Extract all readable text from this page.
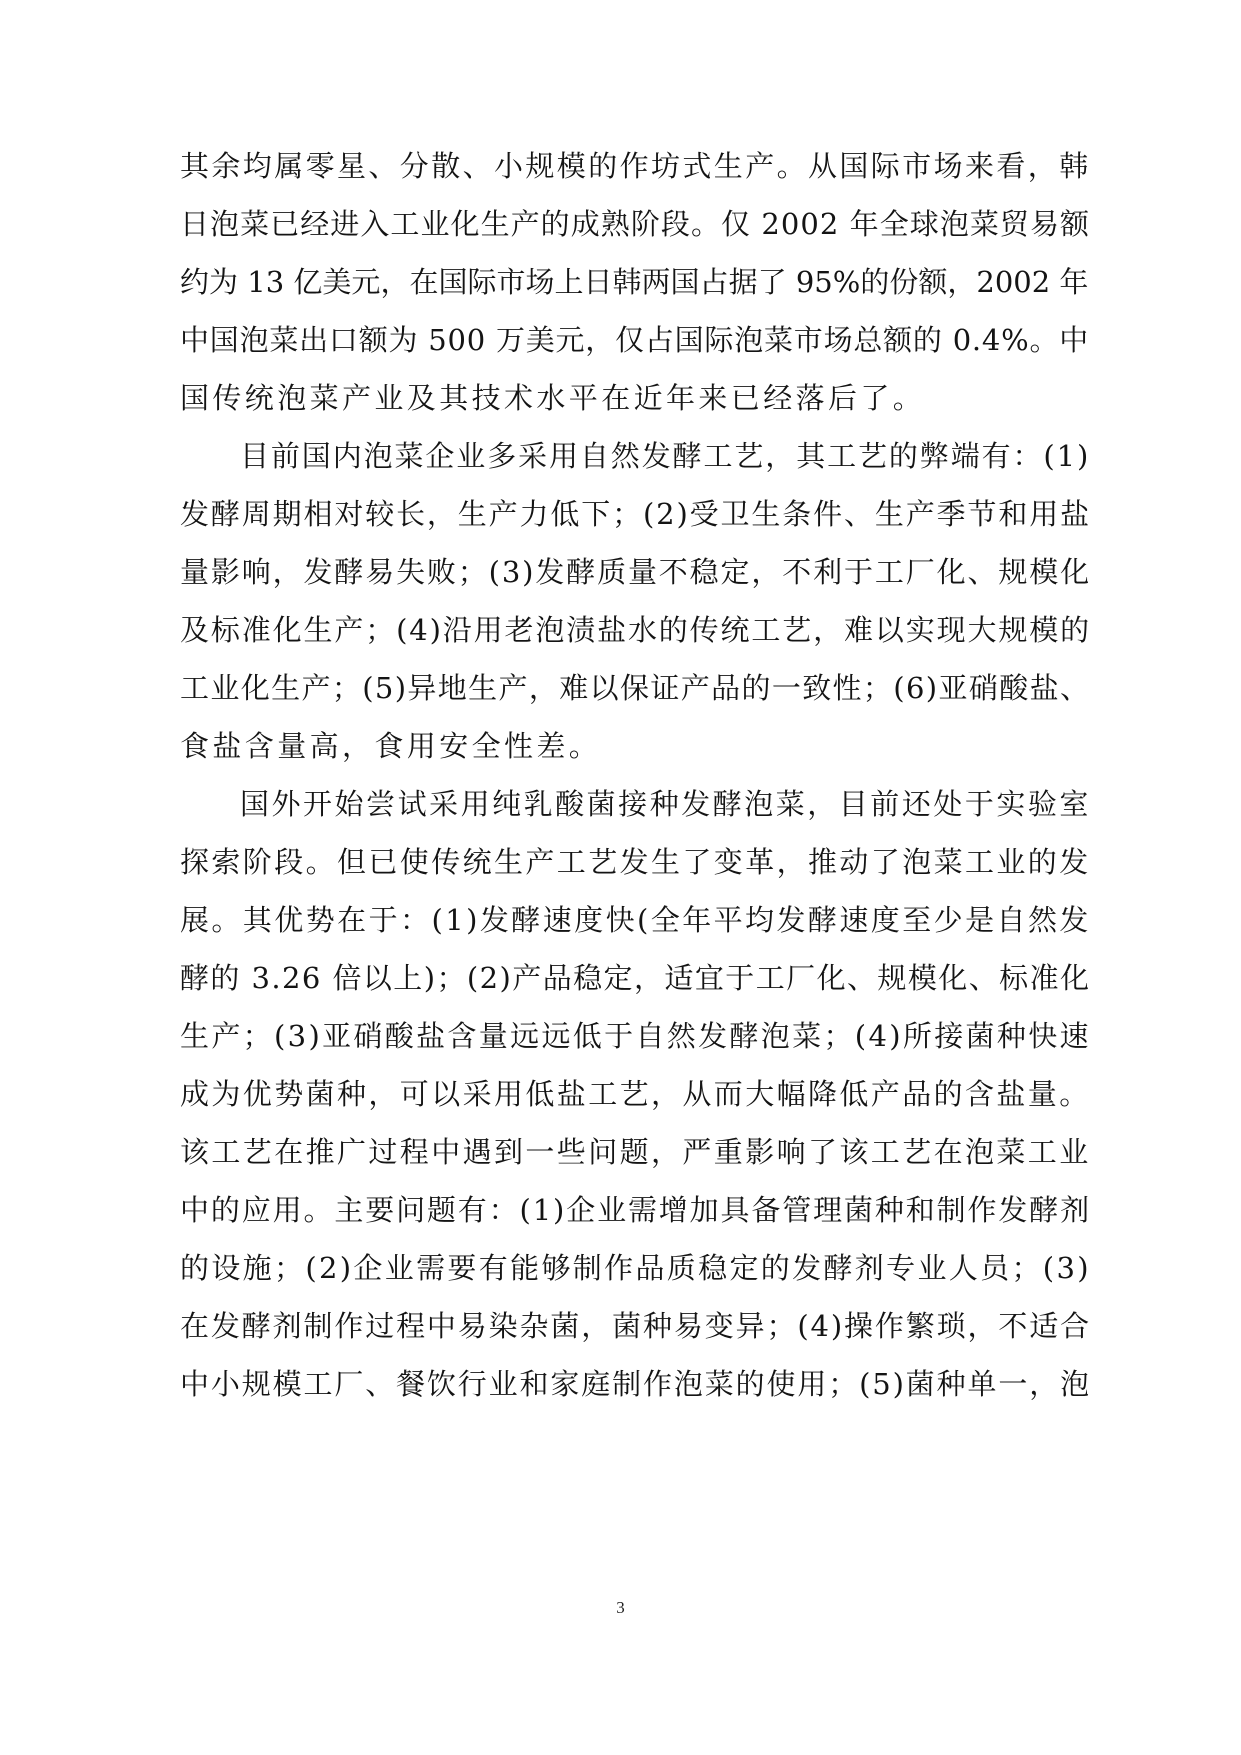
其余均属零星、分散、小规模的作坊式生产。从国际市场来看，韩
日泡菜已经进入工业化生产的成熟阶段。仅 2002 年全球泡菜贸易额
约为 13 亿美元，在国际市场上日韩两国占据了 95%的份额，2002 年
中国泡菜出口额为 500 万美元，仅占国际泡菜市场总额的 0.4%。中
国传统泡菜产业及其技术水平在近年来已经落后了。
目前国内泡菜企业多采用自然发酵工艺，其工艺的弊端有：(1)
发酵周期相对较长，生产力低下；(2)受卫生条件、生产季节和用盐
量影响，发酵易失败；(3)发酵质量不稳定，不利于工厂化、规模化
及标准化生产；(4)沿用老泡渍盐水的传统工艺，难以实现大规模的
工业化生产；(5)异地生产，难以保证产品的一致性；(6)亚硝酸盐、
食盐含量高，食用安全性差。
国外开始尝试采用纯乳酸菌接种发酵泡菜，目前还处于实验室
探索阶段。但已使传统生产工艺发生了变革，推动了泡菜工业的发
展。其优势在于：(1)发酵速度快(全年平均发酵速度至少是自然发
酵的 3.26 倍以上)；(2)产品稳定，适宜于工厂化、规模化、标准化
生产；(3)亚硝酸盐含量远远低于自然发酵泡菜；(4)所接菌种快速
成为优势菌种，可以采用低盐工艺，从而大幅降低产品的含盐量。
该工艺在推广过程中遇到一些问题，严重影响了该工艺在泡菜工业
中的应用。主要问题有：(1)企业需增加具备管理菌种和制作发酵剂
的设施；(2)企业需要有能够制作品质稳定的发酵剂专业人员；(3)
在发酵剂制作过程中易染杂菌，菌种易变异；(4)操作繁琐，不适合
中小规模工厂、餐饮行业和家庭制作泡菜的使用；(5)菌种单一，泡
3
